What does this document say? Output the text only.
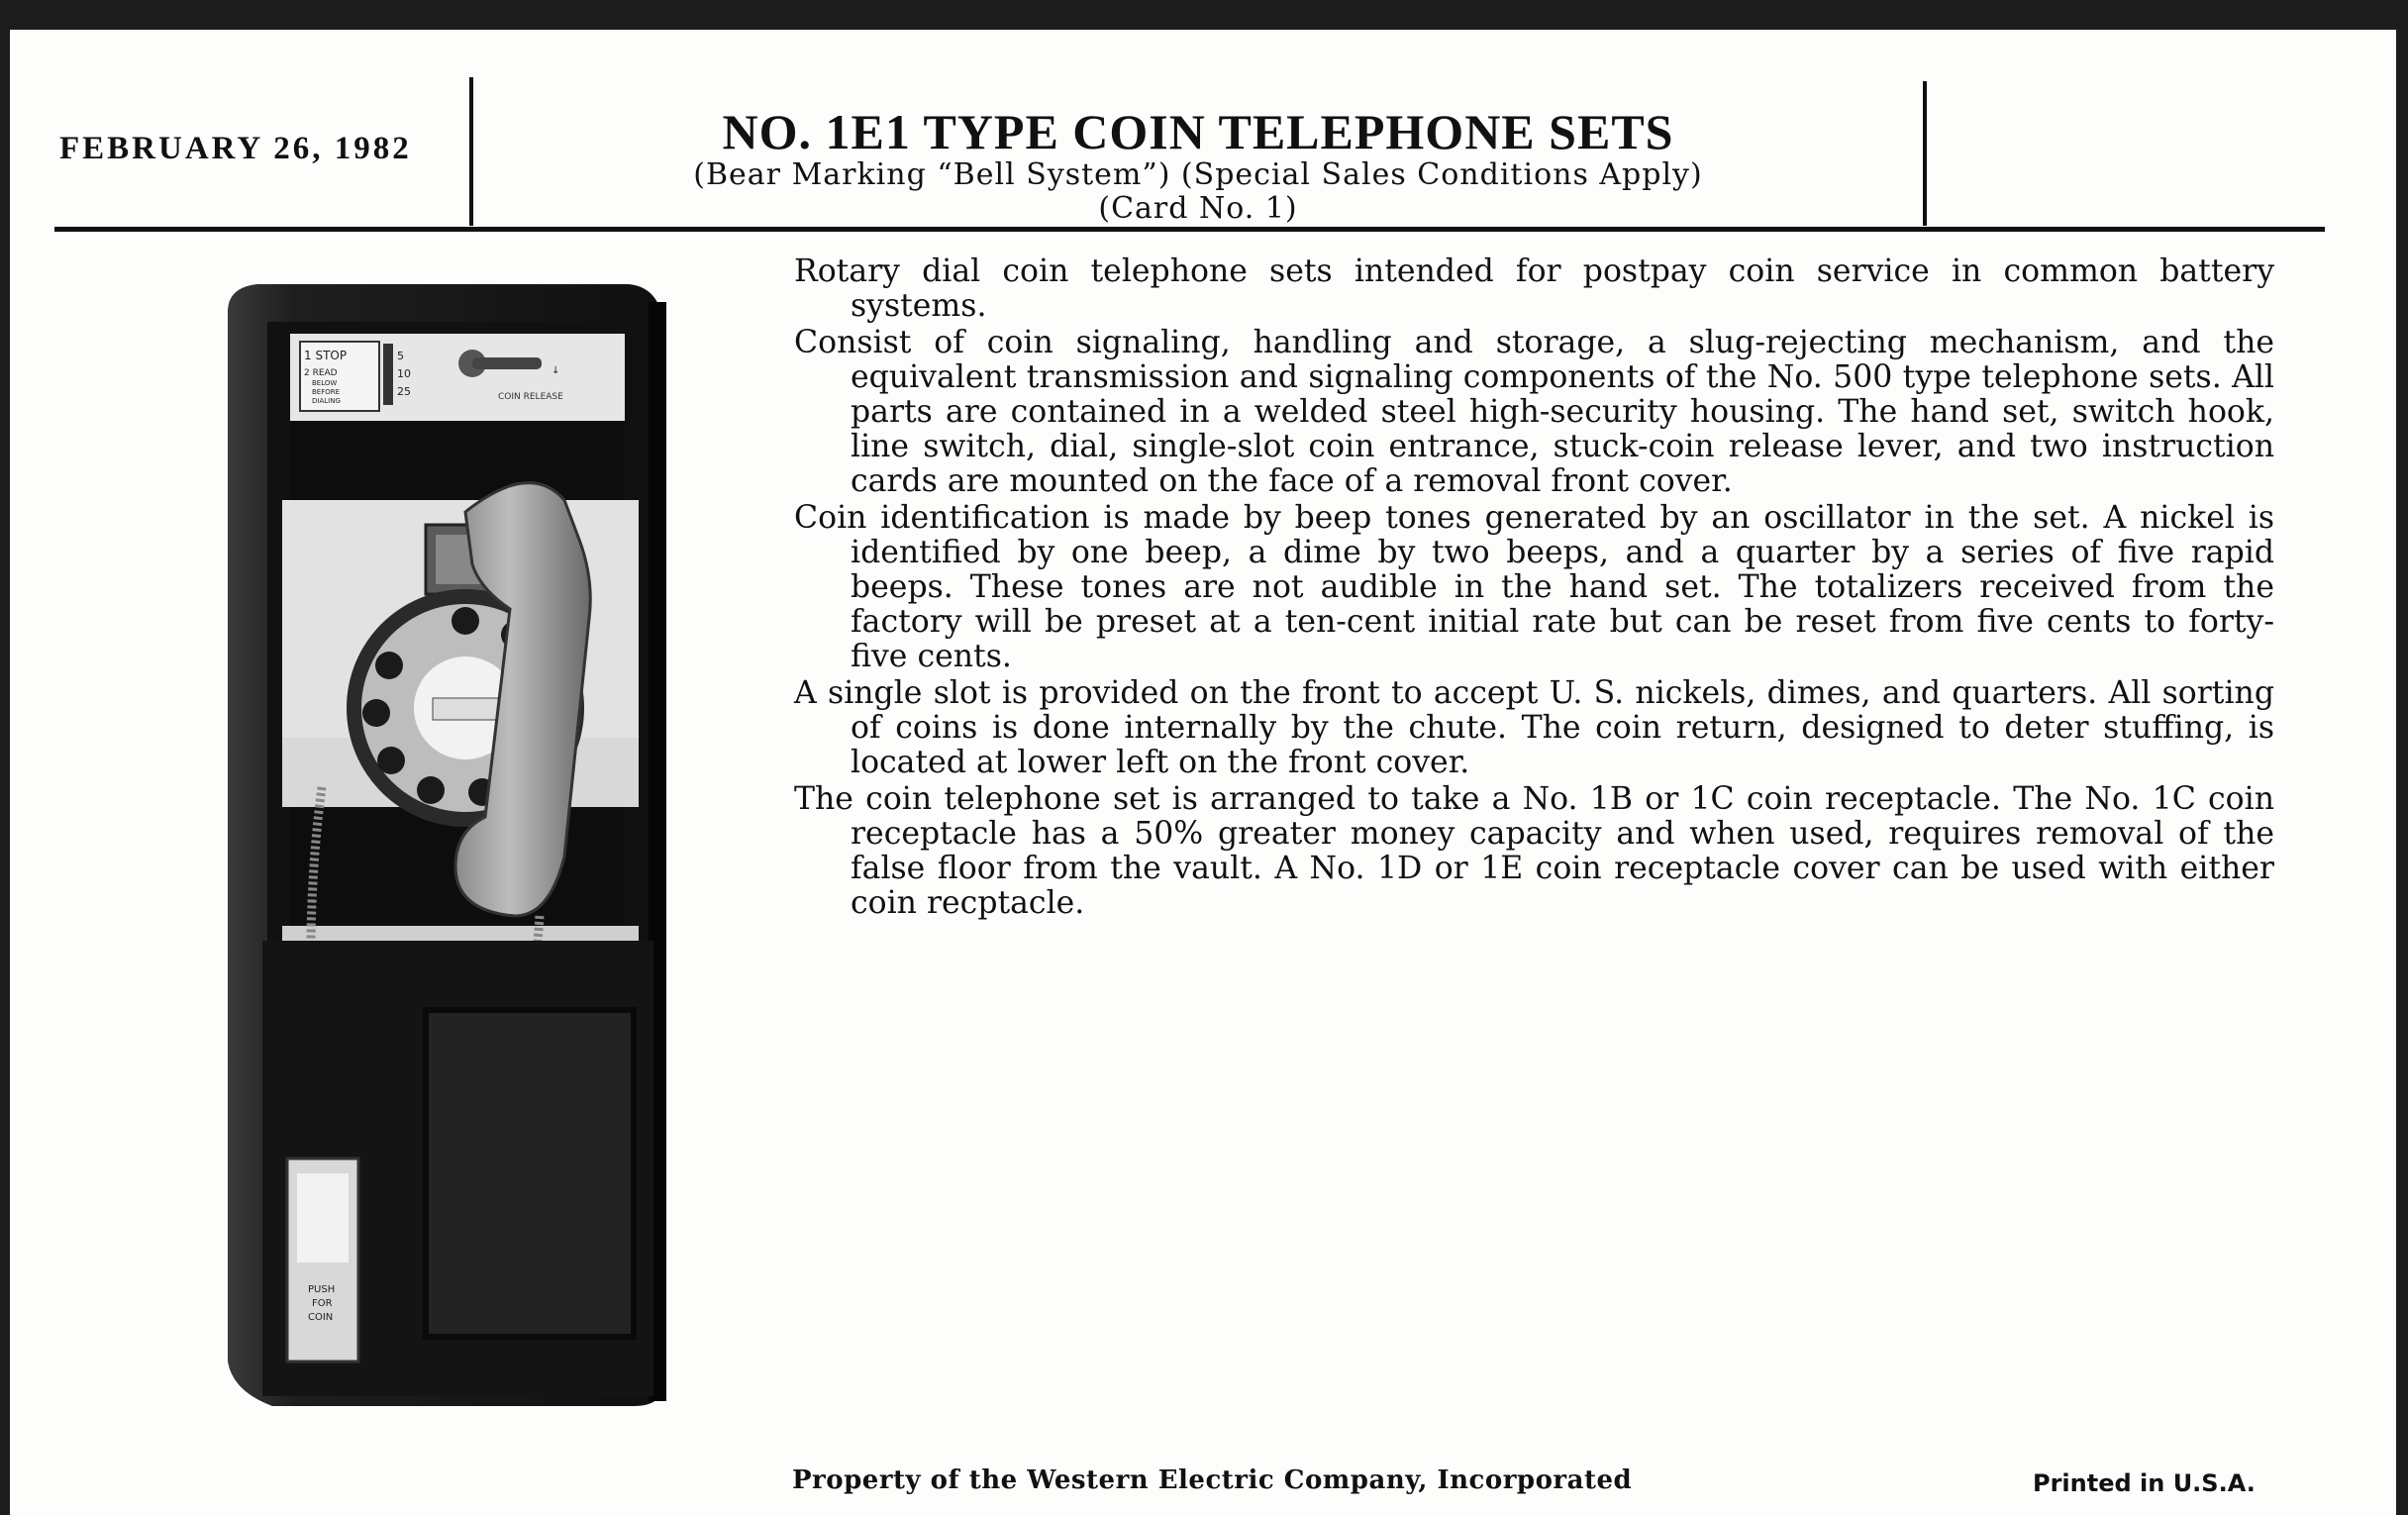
FEBRUARY 26, 1982	NO. 1E1 TYPE COIN TELEPHONE SETS
(Bear Marking “Bell System”) (Special Sales Conditions Apply)
(Card No. 1)
1 STOP
2 READ
BELOW
BEFORE
DIALING
5
10
25
↓
COIN RELEASE
PUSH
FOR
COIN

Rotary dial coin telephone sets intended for postpay coin service in common battery systems.

Consist of coin signaling, handling and storage, a slug-rejecting mechanism, and the equivalent transmission and signaling components of the No. 500 type telephone sets. All parts are contained in a welded steel high-security housing. The hand set, switch hook, line switch, dial, single-slot coin entrance, stuck-coin release lever, and two instruction cards are mounted on the face of a removal front cover.

Coin identification is made by beep tones generated by an oscillator in the set. A nickel is identified by one beep, a dime by two beeps, and a quarter by a series of five rapid beeps. These tones are not audible in the hand set. The totalizers received from the factory will be preset at a ten-cent initial rate but can be reset from five cents to forty-five cents.

A single slot is provided on the front to accept U. S. nickels, dimes, and quarters. All sorting of coins is done internally by the chute. The coin return, designed to deter stuffing, is located at lower left on the front cover.

The coin telephone set is arranged to take a No. 1B or 1C coin receptacle. The No. 1C coin receptacle has a 50% greater money capacity and when used, requires removal of the false floor from the vault. A No. 1D or 1E coin receptacle cover can be used with either coin recptacle.

Property of the Western Electric Company, Incorporated	Printed in U.S.A.
